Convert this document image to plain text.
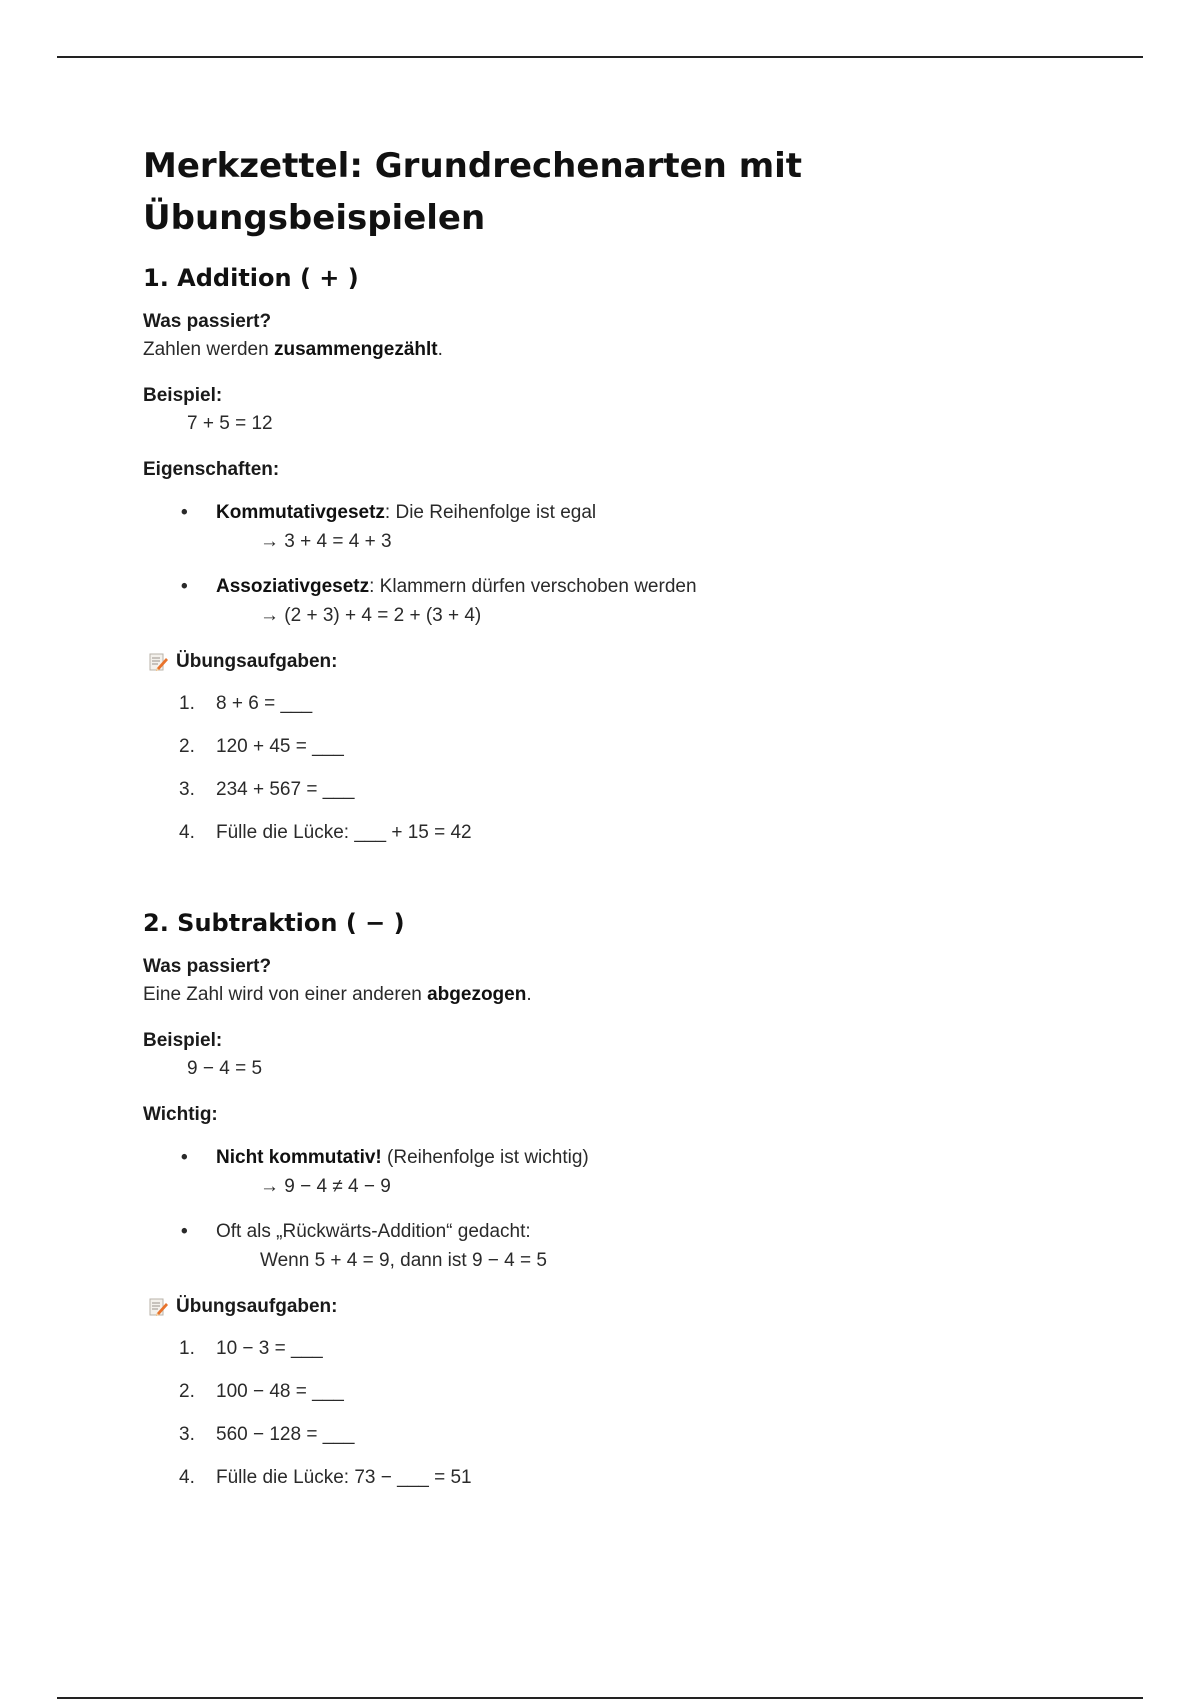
Merkzettel: Grundrechenarten mit Übungsbeispielen
1. Addition ( + )
Was passiert?
Zahlen werden zusammengezählt.
Beispiel:
7 + 5 = 12
Eigenschaften:
• Kommutativgesetz: Die Reihenfolge ist egal
→ 3 + 4 = 4 + 3
• Assoziativgesetz: Klammern dürfen verschoben werden
→ (2 + 3) + 4 = 2 + (3 + 4)
Übungsaufgaben:
1. 8 + 6 = ___
2. 120 + 45 = ___
3. 234 + 567 = ___
4. Fülle die Lücke: ___ + 15 = 42
2. Subtraktion ( − )
Was passiert?
Eine Zahl wird von einer anderen abgezogen.
Beispiel:
9 − 4 = 5
Wichtig:
• Nicht kommutativ! (Reihenfolge ist wichtig)
→ 9 − 4 ≠ 4 − 9
• Oft als „Rückwärts-Addition“ gedacht:
Wenn 5 + 4 = 9, dann ist 9 − 4 = 5
Übungsaufgaben:
1. 10 − 3 = ___
2. 100 − 48 = ___
3. 560 − 128 = ___
4. Fülle die Lücke: 73 − ___ = 51
